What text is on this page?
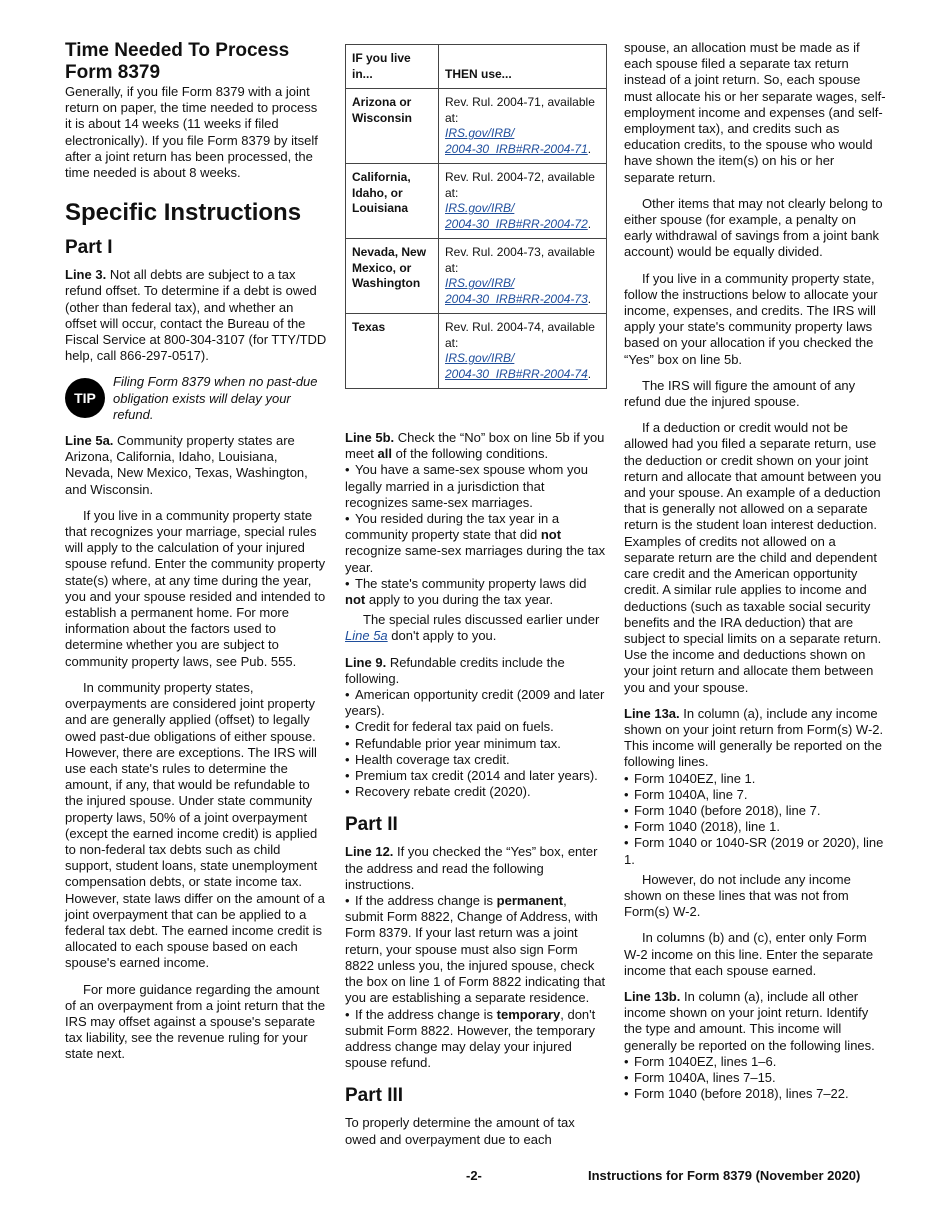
Time Needed To Process Form 8379

Generally, if you file Form 8379 with a joint return on paper, the time needed to process it is about 14 weeks (11 weeks if filed electronically). If you file Form 8379 by itself after a joint return has been processed, the time needed is about 8 weeks.

Specific Instructions
Part I

Line 3. Not all debts are subject to a tax refund offset. To determine if a debt is owed (other than federal tax), and whether an offset will occur, contact the Bureau of the Fiscal Service at 800-304-3107 (for TTY/TDD help, call 866-297-0517).

TIP
Filing Form 8379 when no past-due obligation exists will delay your refund.

Line 5a. Community property states are Arizona, California, Idaho, Louisiana, Nevada, New Mexico, Texas, Washington, and Wisconsin.

If you live in a community property state that recognizes your marriage, special rules will apply to the calculation of your injured spouse refund. Enter the community property state(s) where, at any time during the year, you and your spouse resided and intended to establish a permanent home. For more information about the factors used to determine whether you are subject to community property laws, see Pub. 555.

In community property states, overpayments are considered joint property and are generally applied (offset) to legally owed past-due obligations of either spouse. However, there are exceptions. The IRS will use each state's rules to determine the amount, if any, that would be refundable to the injured spouse. Under state community property laws, 50% of a joint overpayment (except the earned income credit) is applied to non-federal tax debts such as child support, student loans, state unemployment compensation debts, or state income tax. However, state laws differ on the amount of a joint overpayment that can be applied to a federal tax debt. The earned income credit is allocated to each spouse based on each spouse's earned income.

For more guidance regarding the amount of an overpayment from a joint return that the IRS may offset against a spouse's separate tax liability, see the revenue ruling for your state next.

IF you live in...	THEN use...
Arizona or Wisconsin	Rev. Rul. 2004-71, available at:
IRS.gov/IRB/
2004-30_IRB#RR-2004-71.
California, Idaho, or Louisiana	Rev. Rul. 2004-72, available at:
IRS.gov/IRB/
2004-30_IRB#RR-2004-72.
Nevada, New Mexico, or Washington	Rev. Rul. 2004-73, available at:
IRS.gov/IRB/
2004-30_IRB#RR-2004-73.
Texas	Rev. Rul. 2004-74, available at:
IRS.gov/IRB/
2004-30_IRB#RR-2004-74.

Line 5b. Check the “No” box on line 5b if you meet all of the following conditions.

• You have a same-sex spouse whom you legally married in a jurisdiction that recognizes same-sex marriages.

• You resided during the tax year in a community property state that did not recognize same-sex marriages during the tax year.

• The state's community property laws did not apply to you during the tax year.

The special rules discussed earlier under Line 5a don't apply to you.

Line 9. Refundable credits include the following.

• American opportunity credit (2009 and later years).

• Credit for federal tax paid on fuels.

• Refundable prior year minimum tax.

• Health coverage tax credit.

• Premium tax credit (2014 and later years).

• Recovery rebate credit (2020).

Part II

Line 12. If you checked the “Yes” box, enter the address and read the following instructions.

• If the address change is permanent, submit Form 8822, Change of Address, with Form 8379. If your last return was a joint return, your spouse must also sign Form 8822 unless you, the injured spouse, check the box on line 1 of Form 8822 indicating that you are establishing a separate residence.

• If the address change is temporary, don't submit Form 8822. However, the temporary address change may delay your injured spouse refund.

Part III

To properly determine the amount of tax owed and overpayment due to each

spouse, an allocation must be made as if each spouse filed a separate tax return instead of a joint return. So, each spouse must allocate his or her separate wages, self-employment income and expenses (and self-employment tax), and credits such as education credits, to the spouse who would have shown the item(s) on his or her separate return.

Other items that may not clearly belong to either spouse (for example, a penalty on early withdrawal of savings from a joint bank account) would be equally divided.

If you live in a community property state, follow the instructions below to allocate your income, expenses, and credits. The IRS will apply your state's community property laws based on your allocation if you checked the “Yes” box on line 5b.

The IRS will figure the amount of any refund due the injured spouse.

If a deduction or credit would not be allowed had you filed a separate return, use the deduction or credit shown on your joint return and allocate that amount between you and your spouse. An example of a deduction that is generally not allowed on a separate return is the student loan interest deduction. Examples of credits not allowed on a separate return are the child and dependent care credit and the American opportunity credit. A similar rule applies to income and deductions (such as taxable social security benefits and the IRA deduction) that are subject to special limits on a separate return. Use the income and deductions shown on your joint return and allocate them between you and your spouse.

Line 13a. In column (a), include any income shown on your joint return from Form(s) W-2. This income will generally be reported on the following lines.

• Form 1040EZ, line 1.

• Form 1040A, line 7.

• Form 1040 (before 2018), line 7.

• Form 1040 (2018), line 1.

• Form 1040 or 1040-SR (2019 or 2020), line 1.

However, do not include any income shown on these lines that was not from Form(s) W-2.

In columns (b) and (c), enter only Form W-2 income on this line. Enter the separate income that each spouse earned.

Line 13b. In column (a), include all other income shown on your joint return. Identify the type and amount. This income will generally be reported on the following lines.

• Form 1040EZ, lines 1–6.

• Form 1040A, lines 7–15.

• Form 1040 (before 2018), lines 7–22.

-2-	Instructions for Form 8379 (November 2020)
